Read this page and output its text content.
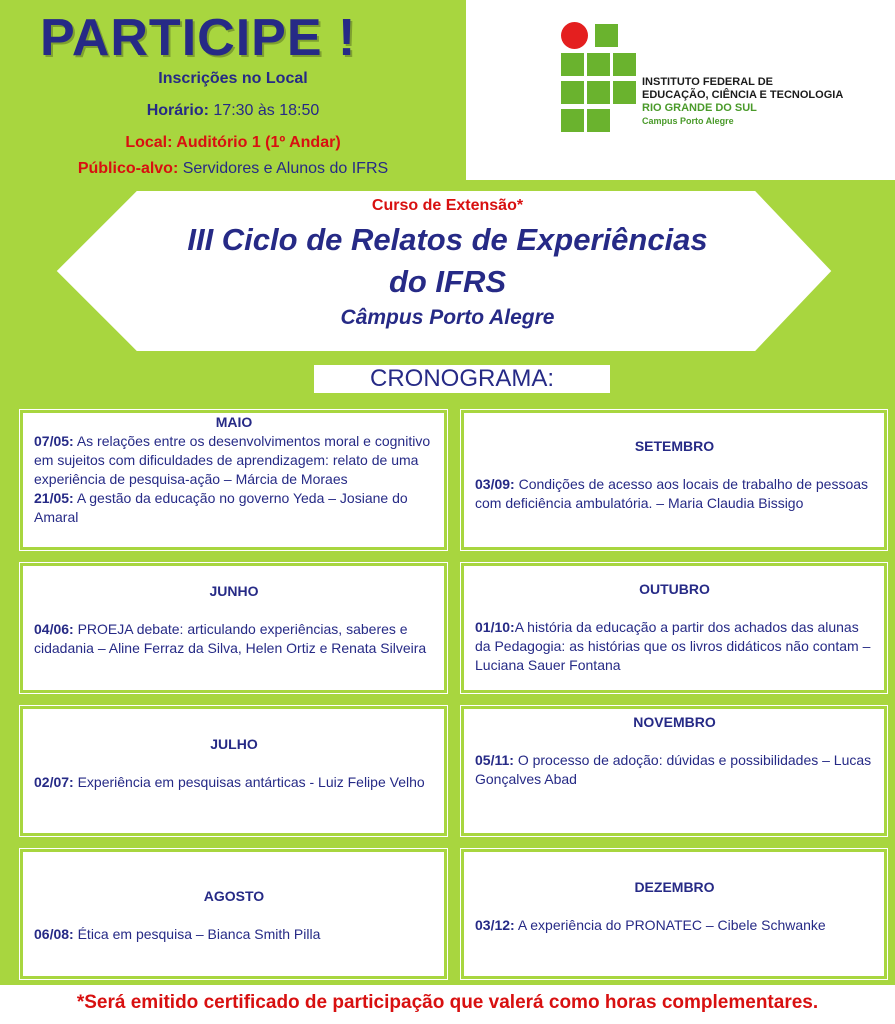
PARTICIPE !
Inscrições no Local
Horário: 17:30 às 18:50
Local: Auditório 1 (1º Andar)
Público-alvo: Servidores e Alunos do IFRS
INSTITUTO FEDERAL DE
EDUCAÇÃO, CIÊNCIA E TECNOLOGIA
RIO GRANDE DO SUL
Campus Porto Alegre
Curso de Extensão*
III Ciclo de Relatos de Experiências
do IFRS
Câmpus Porto Alegre
CRONOGRAMA:
MAIO
07/05: As relações entre os desenvolvimentos moral e cognitivo em sujeitos com dificuldades de aprendizagem: relato de uma experiência de pesquisa-ação – Márcia de Moraes
21/05: A gestão da educação no governo Yeda – Josiane do Amaral
JUNHO
04/06: PROEJA debate: articulando experiências, saberes e cidadania – Aline Ferraz da Silva, Helen Ortiz e Renata Silveira
JULHO
02/07: Experiência em pesquisas antárticas - Luiz Felipe Velho
AGOSTO
06/08: Ética em pesquisa – Bianca Smith Pilla
SETEMBRO
03/09: Condições de acesso aos locais de trabalho de pessoas com deficiência ambulatória. – Maria Claudia Bissigo
OUTUBRO
01/10:A história da educação a partir dos achados das alunas da Pedagogia: as histórias que os livros didáticos não contam – Luciana Sauer Fontana
NOVEMBRO
05/11: O processo de adoção: dúvidas e possibilidades – Lucas Gonçalves Abad
DEZEMBRO
03/12: A experiência do PRONATEC – Cibele Schwanke
*Será emitido certificado de participação que valerá como horas complementares.
